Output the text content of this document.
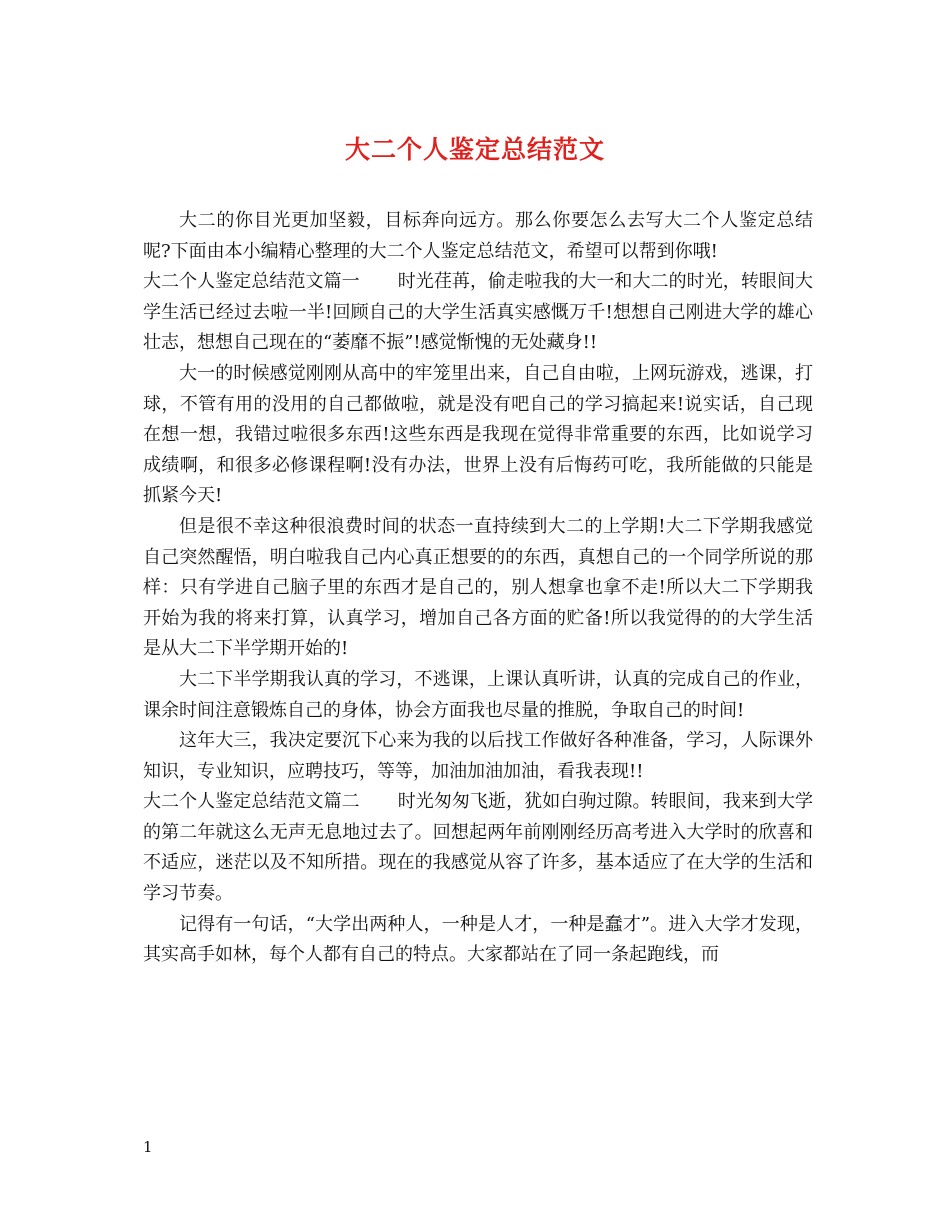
大二个人鉴定总结范文

大二的你目光更加坚毅，目标奔向远方。那么你要怎么去写大二个人鉴定总结呢?下面由本小编精心整理的大二个人鉴定总结范文，希望可以帮到你哦!

大二个人鉴定总结范文篇一 时光荏苒，偷走啦我的大一和大二的时光，转眼间大学生活已经过去啦一半!回顾自己的大学生活真实感慨万千!想想自己刚进大学的雄心壮志，想想自己现在的“萎靡不振”!感觉惭愧的无处藏身!!

大一的时候感觉刚刚从高中的牢笼里出来，自己自由啦，上网玩游戏，逃课，打球，不管有用的没用的自己都做啦，就是没有吧自己的学习搞起来!说实话，自己现在想一想，我错过啦很多东西!这些东西是我现在觉得非常重要的东西，比如说学习成绩啊，和很多必修课程啊!没有办法，世界上没有后悔药可吃，我所能做的只能是抓紧今天!

但是很不幸这种很浪费时间的状态一直持续到大二的上学期!大二下学期我感觉自己突然醒悟，明白啦我自己内心真正想要的的东西，真想自己的一个同学所说的那样：只有学进自己脑子里的东西才是自己的，别人想拿也拿不走!所以大二下学期我开始为我的将来打算，认真学习，增加自己各方面的贮备!所以我觉得的的大学生活是从大二下半学期开始的!

大二下半学期我认真的学习，不逃课，上课认真听讲，认真的完成自己的作业，课余时间注意锻炼自己的身体，协会方面我也尽量的推脱，争取自己的时间!

这年大三，我决定要沉下心来为我的以后找工作做好各种准备，学习，人际课外知识，专业知识，应聘技巧，等等，加油加油加油，看我表现!!

大二个人鉴定总结范文篇二 时光匆匆飞逝，犹如白驹过隙。转眼间，我来到大学的第二年就这么无声无息地过去了。回想起两年前刚刚经历高考进入大学时的欣喜和不适应，迷茫以及不知所措。现在的我感觉从容了许多，基本适应了在大学的生活和学习节奏。

记得有一句话，“大学出两种人，一种是人才，一种是蠢才”。进入大学才发现，其实高手如林，每个人都有自己的特点。大家都站在了同一条起跑线，而

1
